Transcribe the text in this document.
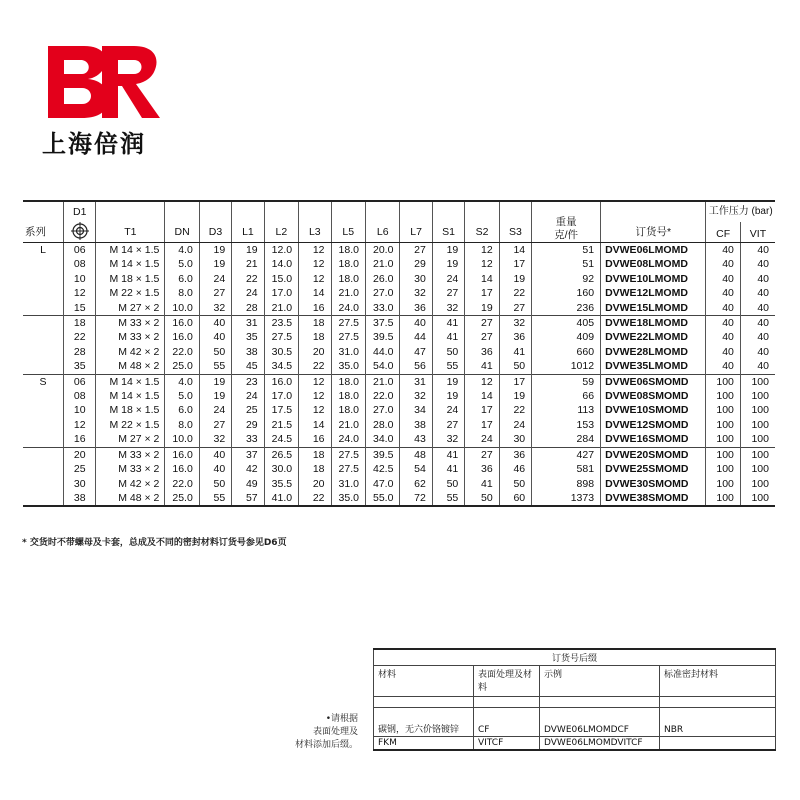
上海倍润
系列	D1	T1	DN	D3	L1	L2	L3	L5	L6	L7	S1	S2	S3	重量
克/件	订货号*	工作压力 (bar)	
																CF	VIT
L	06	M 14 × 1.5	4.0	19	19	12.0	12	18.0	20.0	27	19	12	14	51	DVWE06LMOMD	40	40
	08	M 14 × 1.5	5.0	19	21	14.0	12	18.0	21.0	29	19	12	17	51	DVWE08LMOMD	40	40
	10	M 18 × 1.5	6.0	24	22	15.0	12	18.0	26.0	30	24	14	19	92	DVWE10LMOMD	40	40
	12	M 22 × 1.5	8.0	27	24	17.0	14	21.0	27.0	32	27	17	22	160	DVWE12LMOMD	40	40
	15	M 27 × 2	10.0	32	28	21.0	16	24.0	33.0	36	32	19	27	236	DVWE15LMOMD	40	40
	18	M 33 × 2	16.0	40	31	23.5	18	27.5	37.5	40	41	27	32	405	DVWE18LMOMD	40	40
	22	M 33 × 2	16.0	40	35	27.5	18	27.5	39.5	44	41	27	36	409	DVWE22LMOMD	40	40
	28	M 42 × 2	22.0	50	38	30.5	20	31.0	44.0	47	50	36	41	660	DVWE28LMOMD	40	40
	35	M 48 × 2	25.0	55	45	34.5	22	35.0	54.0	56	55	41	50	1012	DVWE35LMOMD	40	40
S	06	M 14 × 1.5	4.0	19	23	16.0	12	18.0	21.0	31	19	12	17	59	DVWE06SMOMD	100	100
	08	M 14 × 1.5	5.0	19	24	17.0	12	18.0	22.0	32	19	14	19	66	DVWE08SMOMD	100	100
	10	M 18 × 1.5	6.0	24	25	17.5	12	18.0	27.0	34	24	17	22	113	DVWE10SMOMD	100	100
	12	M 22 × 1.5	8.0	27	29	21.5	14	21.0	28.0	38	27	17	24	153	DVWE12SMOMD	100	100
	16	M 27 × 2	10.0	32	33	24.5	16	24.0	34.0	43	32	24	30	284	DVWE16SMOMD	100	100
	20	M 33 × 2	16.0	40	37	26.5	18	27.5	39.5	48	41	27	36	427	DVWE20SMOMD	100	100
	25	M 33 × 2	16.0	40	42	30.0	18	27.5	42.5	54	41	36	46	581	DVWE25SMOMD	100	100
	30	M 42 × 2	22.0	50	49	35.5	20	31.0	47.0	62	50	41	50	898	DVWE30SMOMD	100	100
	38	M 48 × 2	25.0	55	57	41.0	22	35.0	55.0	72	55	50	60	1373	DVWE38SMOMD	100	100
* 交货时不带螺母及卡套，总成及不同的密封材料订货号参见D6页
•请根据
表面处理及
材料添加后缀。
订货号后缀			
材料	表面处理及材料	示例	标准密封材料

碳钢，无六价铬镀锌	CF	DVWE06LMOMDCF	NBR
FKM	VITCF	DVWE06LMOMDVITCF	
